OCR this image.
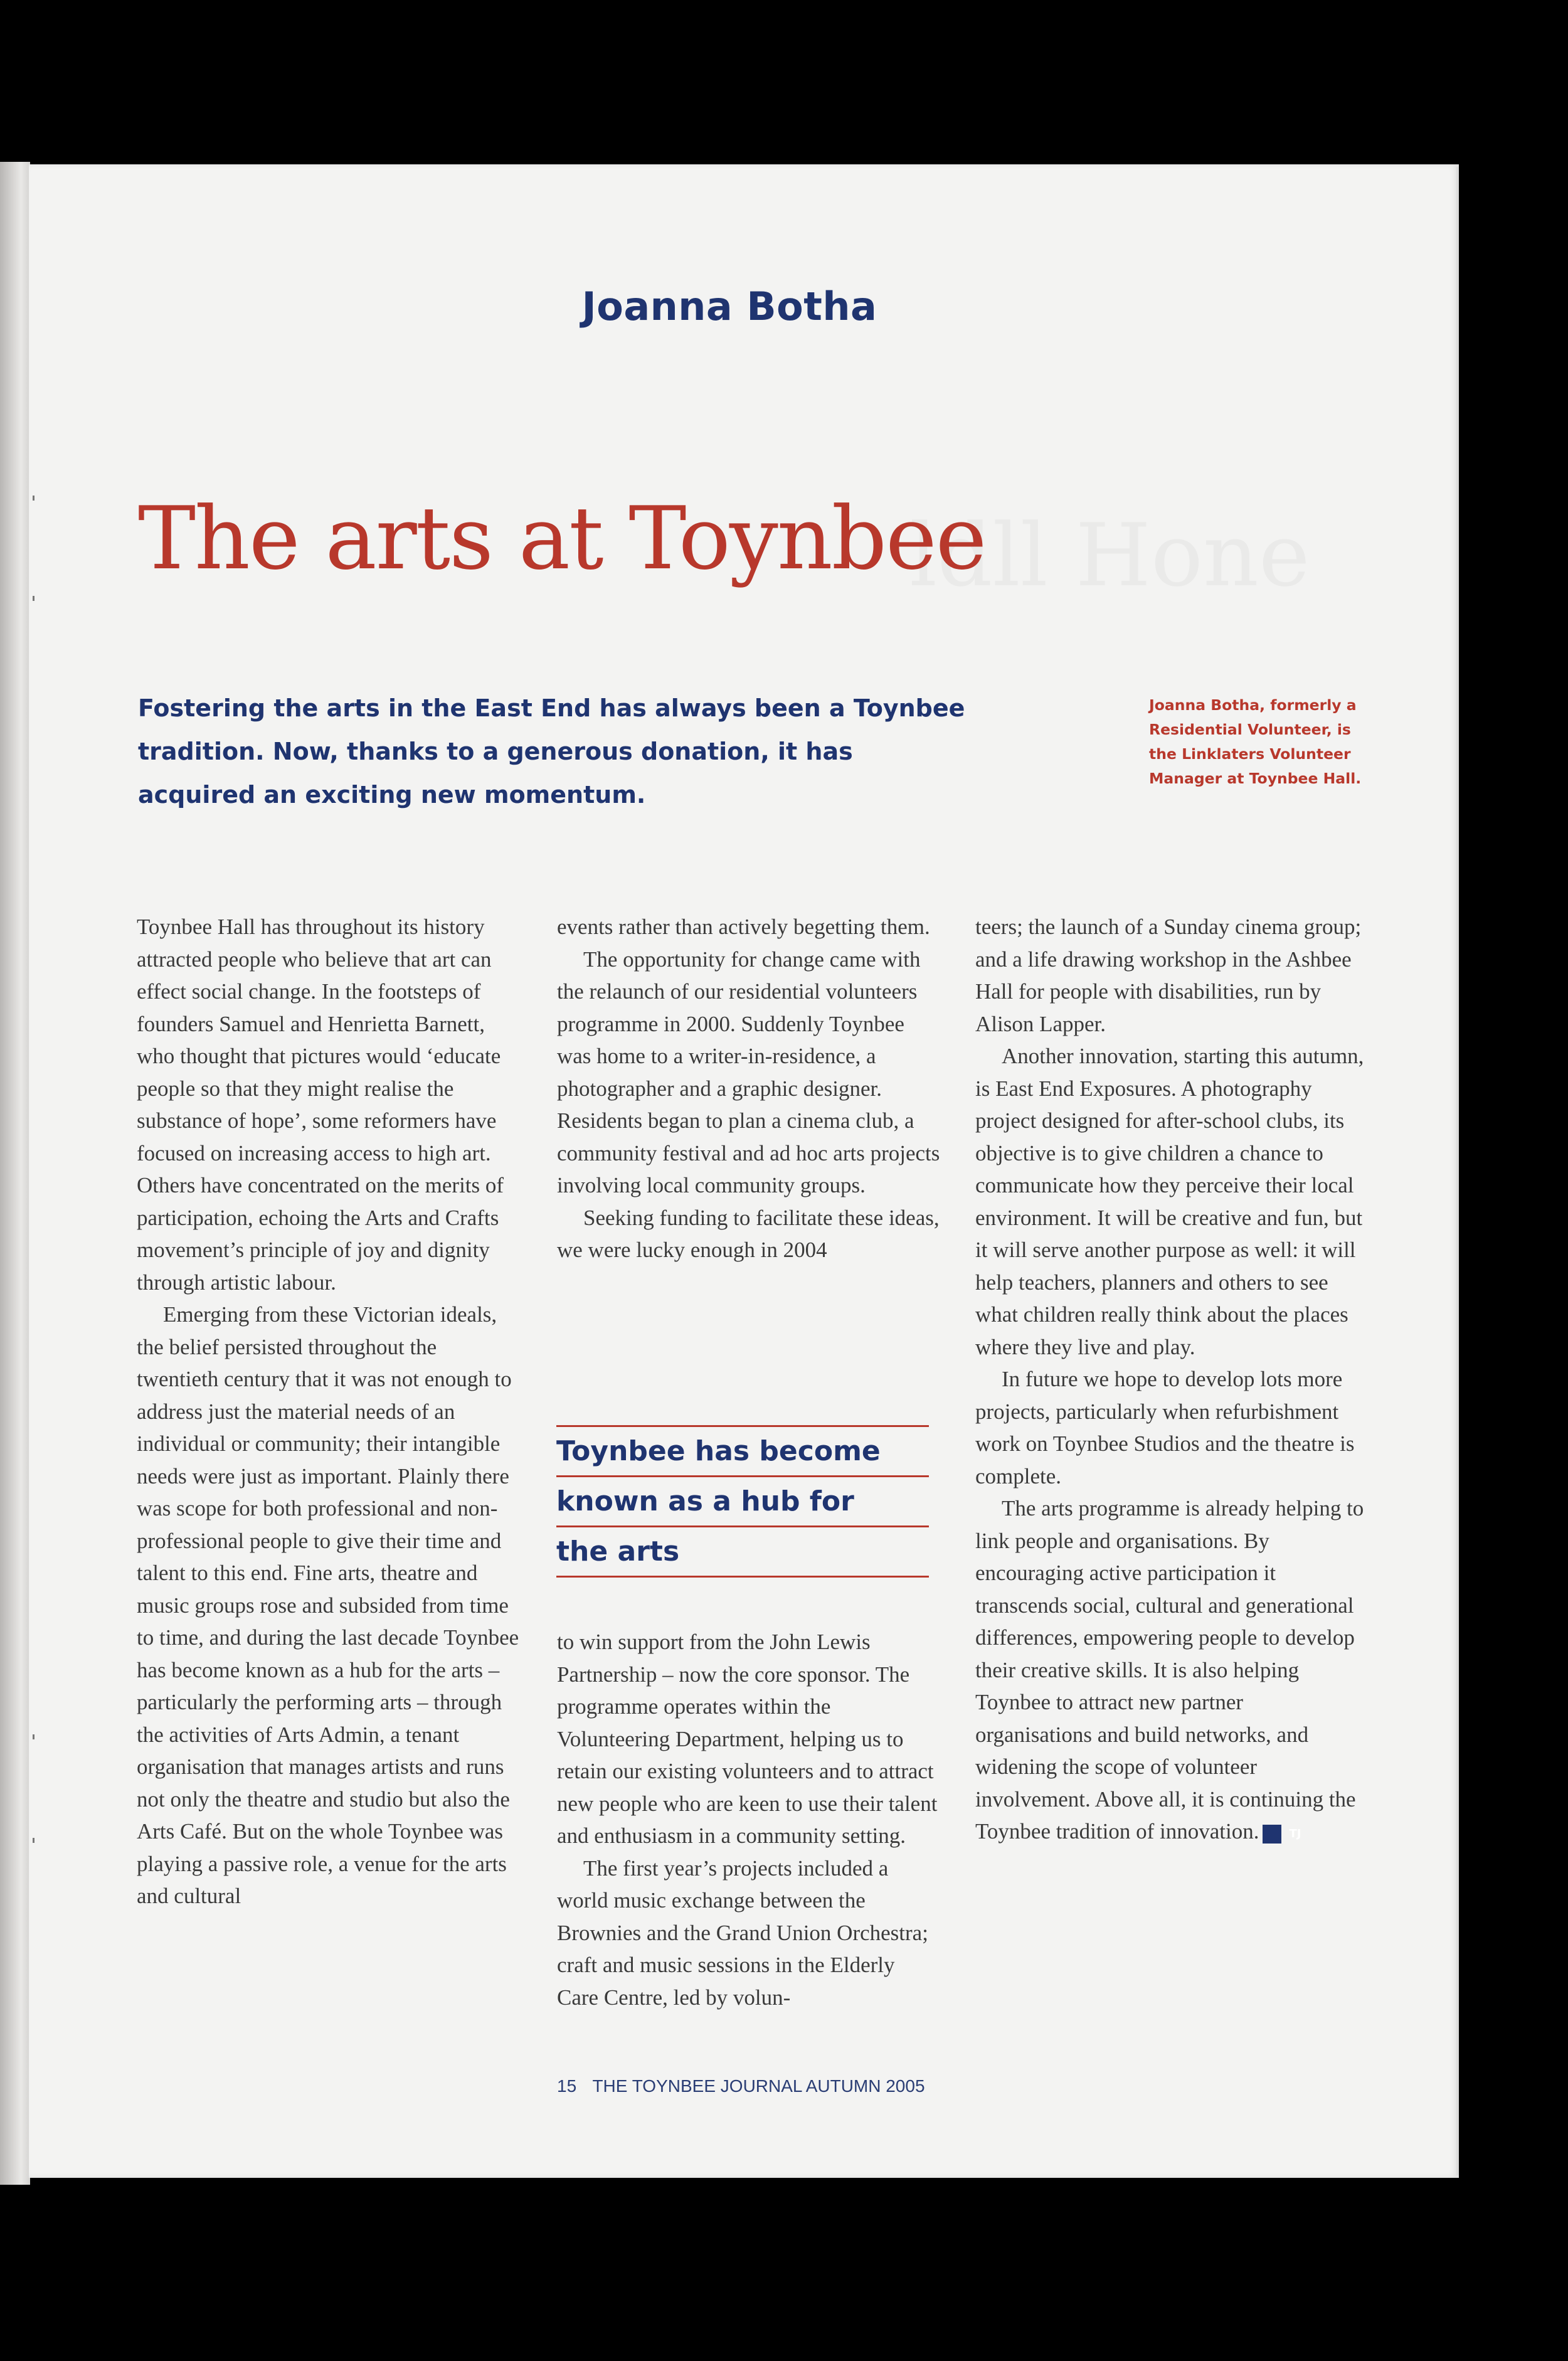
Joanna Botha
The arts at Toynbee
Fostering the arts in the East End has always been a Toynbee tradition. Now, thanks to a generous donation, it has acquired an exciting new momentum.
Joanna Botha, formerly a Residential Volunteer, is the Linklaters Volunteer Manager at Toynbee Hall.

Toynbee Hall has throughout its history attracted people who believe that art can effect social change. In the footsteps of founders Samuel and Henrietta Barnett, who thought that pictures would ‘educate people so that they might realise the substance of hope’, some reformers have focused on increasing access to high art. Others have concentrated on the merits of participation, echoing the Arts and Crafts movement’s principle of joy and dignity through artistic labour.

Emerging from these Victorian ideals, the belief persisted throughout the twentieth century that it was not enough to address just the material needs of an individual or community; their intangible needs were just as important. Plainly there was scope for both professional and non-professional people to give their time and talent to this end. Fine arts, theatre and music groups rose and subsided from time to time, and during the last decade Toynbee has become known as a hub for the arts – particularly the performing arts – through the activities of Arts Admin, a tenant organisation that manages artists and runs not only the theatre and studio but also the Arts Café. But on the whole Toynbee was playing a passive role, a venue for the arts and cultural

events rather than actively begetting them.

The opportunity for change came with the relaunch of our residential volunteers programme in 2000. Suddenly Toynbee was home to a writer-in-residence, a photographer and a graphic designer. Residents began to plan a cinema club, a community festival and ad hoc arts projects involving local community groups.

Seeking funding to facilitate these ideas, we were lucky enough in 2004

Toynbee has become
known as a hub for
the arts

to win support from the John Lewis Partnership – now the core sponsor. The programme operates within the Volunteering Department, helping us to retain our existing volunteers and to attract new people who are keen to use their talent and enthusiasm in a community setting.

The first year’s projects included a world music exchange between the Brownies and the Grand Union Orchestra; craft and music sessions in the Elderly Care Centre, led by volun-

teers; the launch of a Sunday cinema group; and a life drawing workshop in the Ashbee Hall for people with disabilities, run by Alison Lapper.

Another innovation, starting this autumn, is East End Exposures. A photography project designed for after-school clubs, its objective is to give children a chance to communicate how they perceive their local environment. It will be creative and fun, but it will serve another purpose as well: it will help teachers, planners and others to see what children really think about the places where they live and play.

In future we hope to develop lots more projects, particularly when refurbishment work on Toynbee Studios and the theatre is complete.

The arts programme is already helping to link people and organisations. By encouraging active participation it transcends social, cultural and generational differences, empowering people to develop their creative skills. It is also helping Toynbee to attract new partner organisations and build networks, and widening the scope of volunteer involvement. Above all, it is continuing the Toynbee tradition of innovation.	TJ

15 THE TOYNBEE JOURNAL AUTUMN 2005
